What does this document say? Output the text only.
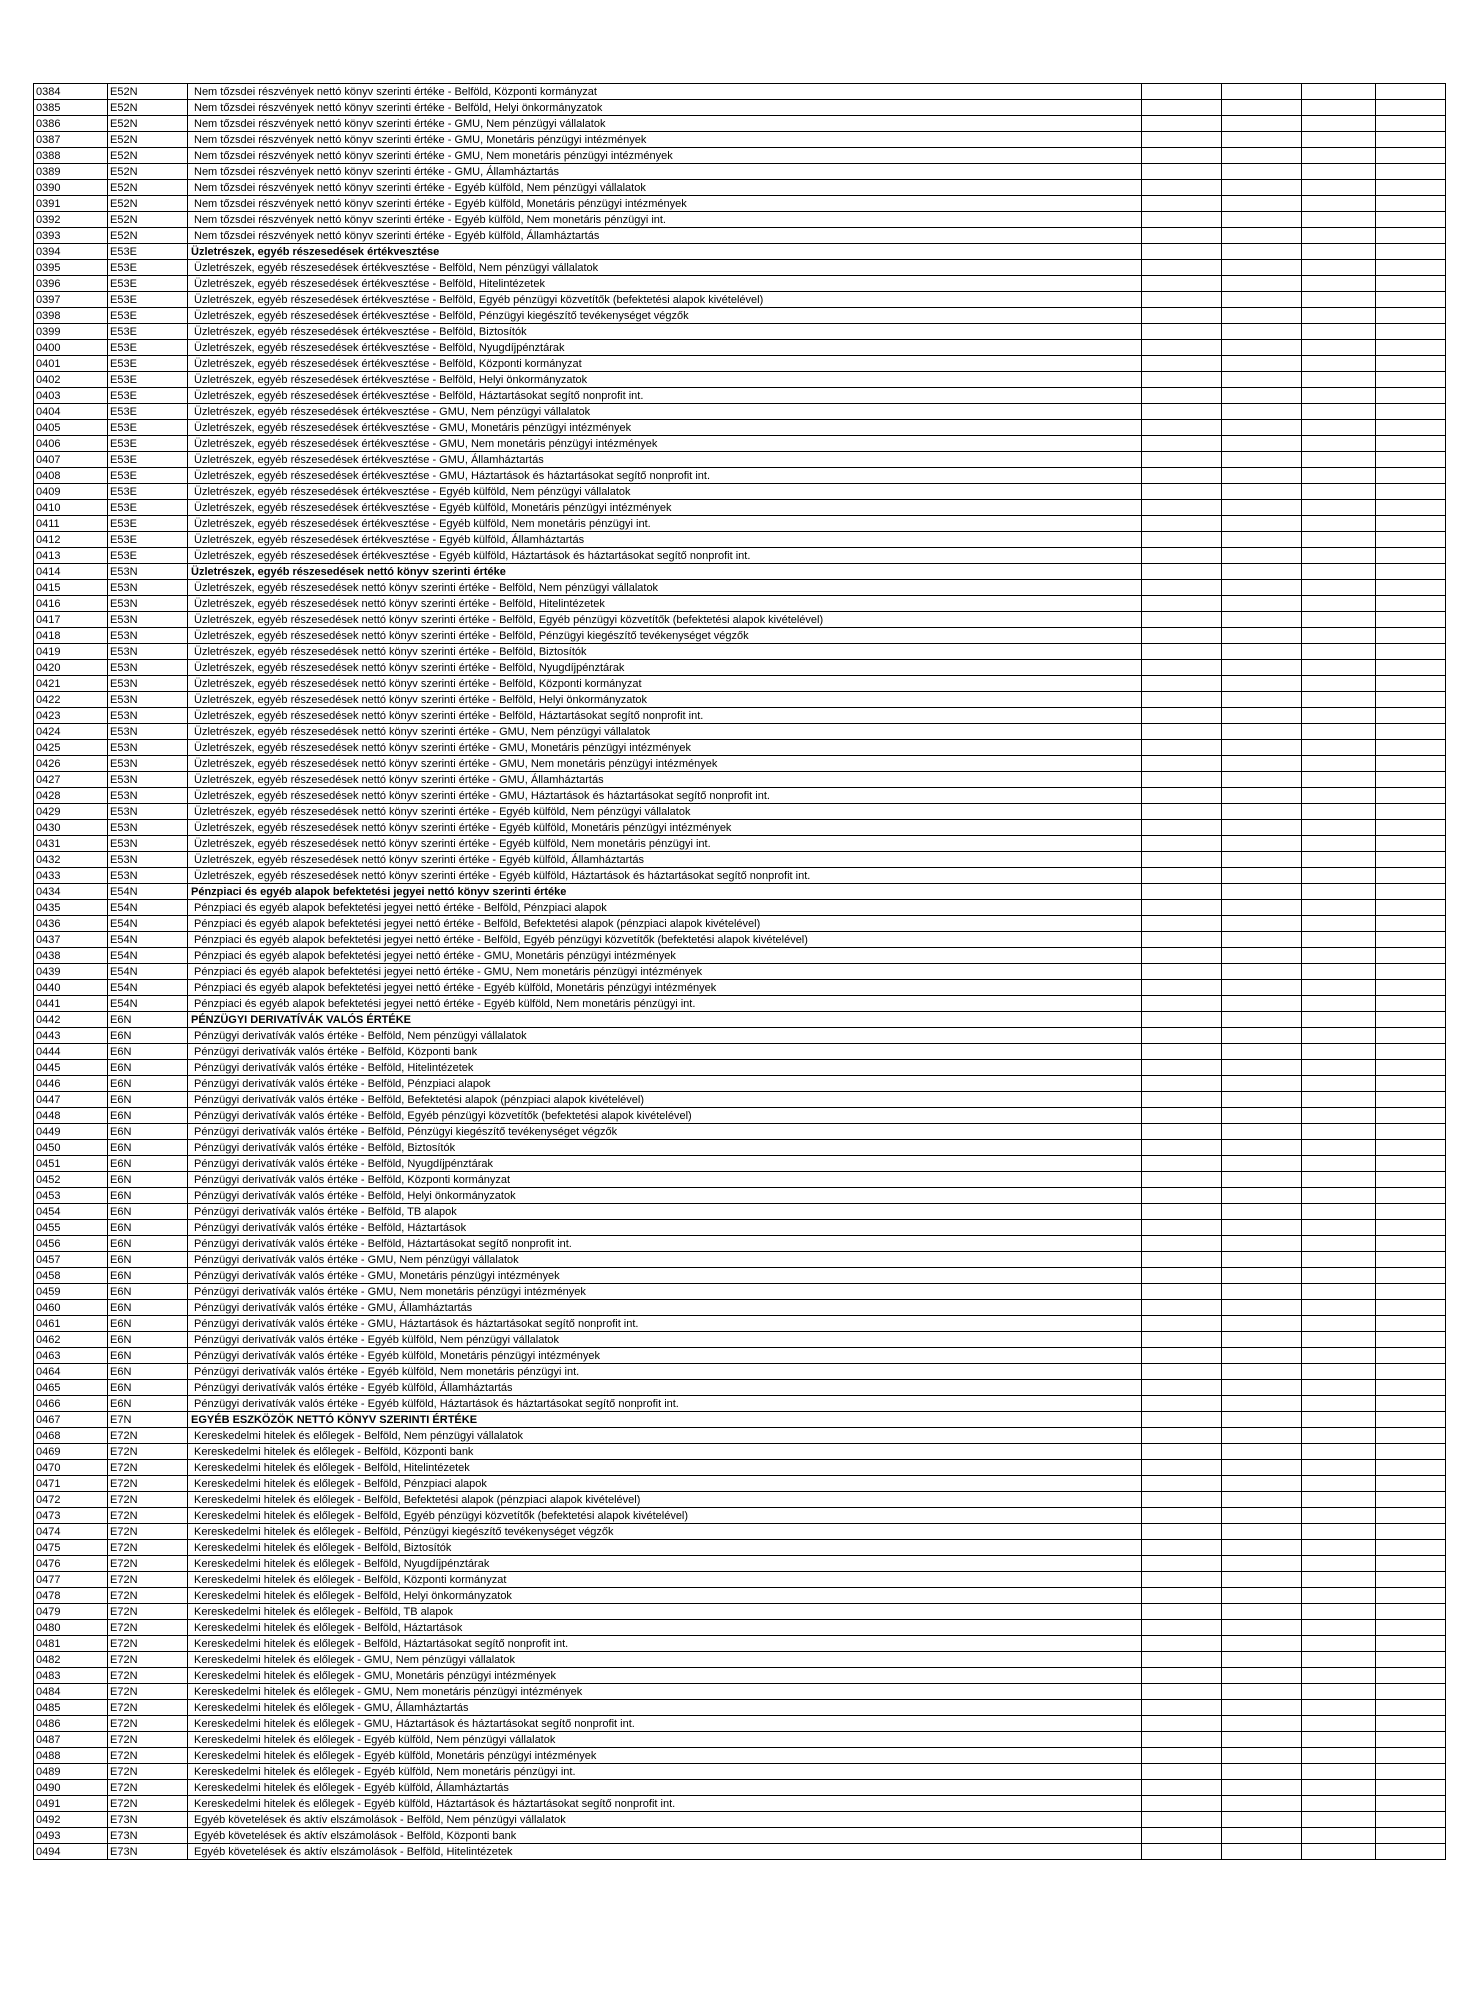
0384	E52N	Nem tőzsdei részvények nettó könyv szerinti értéke - Belföld, Központi kormányzat				
0385	E52N	Nem tőzsdei részvények nettó könyv szerinti értéke - Belföld, Helyi önkormányzatok				
0386	E52N	Nem tőzsdei részvények nettó könyv szerinti értéke - GMU, Nem pénzügyi vállalatok				
0387	E52N	Nem tőzsdei részvények nettó könyv szerinti értéke - GMU, Monetáris pénzügyi intézmények				
0388	E52N	Nem tőzsdei részvények nettó könyv szerinti értéke - GMU, Nem monetáris pénzügyi intézmények				
0389	E52N	Nem tőzsdei részvények nettó könyv szerinti értéke - GMU, Államháztartás				
0390	E52N	Nem tőzsdei részvények nettó könyv szerinti értéke - Egyéb külföld, Nem pénzügyi vállalatok				
0391	E52N	Nem tőzsdei részvények nettó könyv szerinti értéke - Egyéb külföld, Monetáris pénzügyi intézmények				
0392	E52N	Nem tőzsdei részvények nettó könyv szerinti értéke - Egyéb külföld, Nem monetáris pénzügyi int.				
0393	E52N	Nem tőzsdei részvények nettó könyv szerinti értéke - Egyéb külföld, Államháztartás				
0394	E53E	Üzletrészek, egyéb részesedések értékvesztése				
0395	E53E	Üzletrészek, egyéb részesedések értékvesztése - Belföld, Nem pénzügyi vállalatok				
0396	E53E	Üzletrészek, egyéb részesedések értékvesztése - Belföld, Hitelintézetek				
0397	E53E	Üzletrészek, egyéb részesedések értékvesztése - Belföld, Egyéb pénzügyi közvetítők (befektetési alapok kivételével)				
0398	E53E	Üzletrészek, egyéb részesedések értékvesztése - Belföld, Pénzügyi kiegészítő tevékenységet végzők				
0399	E53E	Üzletrészek, egyéb részesedések értékvesztése - Belföld, Biztosítók				
0400	E53E	Üzletrészek, egyéb részesedések értékvesztése - Belföld, Nyugdíjpénztárak				
0401	E53E	Üzletrészek, egyéb részesedések értékvesztése - Belföld, Központi kormányzat				
0402	E53E	Üzletrészek, egyéb részesedések értékvesztése - Belföld, Helyi önkormányzatok				
0403	E53E	Üzletrészek, egyéb részesedések értékvesztése - Belföld, Háztartásokat segítő nonprofit int.				
0404	E53E	Üzletrészek, egyéb részesedések értékvesztése - GMU, Nem pénzügyi vállalatok				
0405	E53E	Üzletrészek, egyéb részesedések értékvesztése - GMU, Monetáris pénzügyi intézmények				
0406	E53E	Üzletrészek, egyéb részesedések értékvesztése - GMU, Nem monetáris pénzügyi intézmények				
0407	E53E	Üzletrészek, egyéb részesedések értékvesztése - GMU, Államháztartás				
0408	E53E	Üzletrészek, egyéb részesedések értékvesztése - GMU, Háztartások és háztartásokat segítő nonprofit int.				
0409	E53E	Üzletrészek, egyéb részesedések értékvesztése - Egyéb külföld, Nem pénzügyi vállalatok				
0410	E53E	Üzletrészek, egyéb részesedések értékvesztése - Egyéb külföld, Monetáris pénzügyi intézmények				
0411	E53E	Üzletrészek, egyéb részesedések értékvesztése - Egyéb külföld, Nem monetáris pénzügyi int.				
0412	E53E	Üzletrészek, egyéb részesedések értékvesztése - Egyéb külföld, Államháztartás				
0413	E53E	Üzletrészek, egyéb részesedések értékvesztése - Egyéb külföld, Háztartások és háztartásokat segítő nonprofit int.				
0414	E53N	Üzletrészek, egyéb részesedések nettó könyv szerinti értéke				
0415	E53N	Üzletrészek, egyéb részesedések nettó könyv szerinti értéke - Belföld, Nem pénzügyi vállalatok				
0416	E53N	Üzletrészek, egyéb részesedések nettó könyv szerinti értéke - Belföld, Hitelintézetek				
0417	E53N	Üzletrészek, egyéb részesedések nettó könyv szerinti értéke - Belföld, Egyéb pénzügyi közvetítők (befektetési alapok kivételével)				
0418	E53N	Üzletrészek, egyéb részesedések nettó könyv szerinti értéke - Belföld, Pénzügyi kiegészítő tevékenységet végzők				
0419	E53N	Üzletrészek, egyéb részesedések nettó könyv szerinti értéke - Belföld, Biztosítók				
0420	E53N	Üzletrészek, egyéb részesedések nettó könyv szerinti értéke - Belföld, Nyugdíjpénztárak				
0421	E53N	Üzletrészek, egyéb részesedések nettó könyv szerinti értéke - Belföld, Központi kormányzat				
0422	E53N	Üzletrészek, egyéb részesedések nettó könyv szerinti értéke - Belföld, Helyi önkormányzatok				
0423	E53N	Üzletrészek, egyéb részesedések nettó könyv szerinti értéke - Belföld, Háztartásokat segítő nonprofit int.				
0424	E53N	Üzletrészek, egyéb részesedések nettó könyv szerinti értéke - GMU, Nem pénzügyi vállalatok				
0425	E53N	Üzletrészek, egyéb részesedések nettó könyv szerinti értéke - GMU, Monetáris pénzügyi intézmények				
0426	E53N	Üzletrészek, egyéb részesedések nettó könyv szerinti értéke - GMU, Nem monetáris pénzügyi intézmények				
0427	E53N	Üzletrészek, egyéb részesedések nettó könyv szerinti értéke - GMU, Államháztartás				
0428	E53N	Üzletrészek, egyéb részesedések nettó könyv szerinti értéke - GMU, Háztartások és háztartásokat segítő nonprofit int.				
0429	E53N	Üzletrészek, egyéb részesedések nettó könyv szerinti értéke - Egyéb külföld, Nem pénzügyi vállalatok				
0430	E53N	Üzletrészek, egyéb részesedések nettó könyv szerinti értéke - Egyéb külföld, Monetáris pénzügyi intézmények				
0431	E53N	Üzletrészek, egyéb részesedések nettó könyv szerinti értéke - Egyéb külföld, Nem monetáris pénzügyi int.				
0432	E53N	Üzletrészek, egyéb részesedések nettó könyv szerinti értéke - Egyéb külföld, Államháztartás				
0433	E53N	Üzletrészek, egyéb részesedések nettó könyv szerinti értéke - Egyéb külföld, Háztartások és háztartásokat segítő nonprofit int.				
0434	E54N	Pénzpiaci és egyéb alapok befektetési jegyei nettó könyv szerinti értéke				
0435	E54N	Pénzpiaci és egyéb alapok befektetési jegyei nettó értéke - Belföld, Pénzpiaci alapok				
0436	E54N	Pénzpiaci és egyéb alapok befektetési jegyei nettó értéke - Belföld, Befektetési alapok (pénzpiaci alapok kivételével)				
0437	E54N	Pénzpiaci és egyéb alapok befektetési jegyei nettó értéke - Belföld, Egyéb pénzügyi közvetítők (befektetési alapok kivételével)				
0438	E54N	Pénzpiaci és egyéb alapok befektetési jegyei nettó értéke - GMU, Monetáris pénzügyi intézmények				
0439	E54N	Pénzpiaci és egyéb alapok befektetési jegyei nettó értéke - GMU, Nem monetáris pénzügyi intézmények				
0440	E54N	Pénzpiaci és egyéb alapok befektetési jegyei nettó értéke - Egyéb külföld, Monetáris pénzügyi intézmények				
0441	E54N	Pénzpiaci és egyéb alapok befektetési jegyei nettó értéke - Egyéb külföld, Nem monetáris pénzügyi int.				
0442	E6N	PÉNZÜGYI DERIVATÍVÁK VALÓS ÉRTÉKE				
0443	E6N	Pénzügyi derivatívák valós értéke - Belföld, Nem pénzügyi vállalatok				
0444	E6N	Pénzügyi derivatívák valós értéke - Belföld, Központi bank				
0445	E6N	Pénzügyi derivatívák valós értéke - Belföld, Hitelintézetek				
0446	E6N	Pénzügyi derivatívák valós értéke - Belföld, Pénzpiaci alapok				
0447	E6N	Pénzügyi derivatívák valós értéke - Belföld, Befektetési alapok (pénzpiaci alapok kivételével)				
0448	E6N	Pénzügyi derivatívák valós értéke - Belföld, Egyéb pénzügyi közvetítők (befektetési alapok kivételével)				
0449	E6N	Pénzügyi derivatívák valós értéke - Belföld, Pénzügyi kiegészítő tevékenységet végzők				
0450	E6N	Pénzügyi derivatívák valós értéke - Belföld, Biztosítók				
0451	E6N	Pénzügyi derivatívák valós értéke - Belföld, Nyugdíjpénztárak				
0452	E6N	Pénzügyi derivatívák valós értéke - Belföld, Központi kormányzat				
0453	E6N	Pénzügyi derivatívák valós értéke - Belföld, Helyi önkormányzatok				
0454	E6N	Pénzügyi derivatívák valós értéke - Belföld, TB alapok				
0455	E6N	Pénzügyi derivatívák valós értéke - Belföld, Háztartások				
0456	E6N	Pénzügyi derivatívák valós értéke - Belföld, Háztartásokat segítő nonprofit int.				
0457	E6N	Pénzügyi derivatívák valós értéke - GMU, Nem pénzügyi vállalatok				
0458	E6N	Pénzügyi derivatívák valós értéke - GMU, Monetáris pénzügyi intézmények				
0459	E6N	Pénzügyi derivatívák valós értéke - GMU, Nem monetáris pénzügyi intézmények				
0460	E6N	Pénzügyi derivatívák valós értéke - GMU, Államháztartás				
0461	E6N	Pénzügyi derivatívák valós értéke - GMU, Háztartások és háztartásokat segítő nonprofit int.				
0462	E6N	Pénzügyi derivatívák valós értéke - Egyéb külföld, Nem pénzügyi vállalatok				
0463	E6N	Pénzügyi derivatívák valós értéke - Egyéb külföld, Monetáris pénzügyi intézmények				
0464	E6N	Pénzügyi derivatívák valós értéke - Egyéb külföld, Nem monetáris pénzügyi int.				
0465	E6N	Pénzügyi derivatívák valós értéke - Egyéb külföld, Államháztartás				
0466	E6N	Pénzügyi derivatívák valós értéke - Egyéb külföld, Háztartások és háztartásokat segítő nonprofit int.				
0467	E7N	EGYÉB ESZKÖZÖK NETTÓ KÖNYV SZERINTI ÉRTÉKE				
0468	E72N	Kereskedelmi hitelek és előlegek - Belföld, Nem pénzügyi vállalatok				
0469	E72N	Kereskedelmi hitelek és előlegek - Belföld, Központi bank				
0470	E72N	Kereskedelmi hitelek és előlegek - Belföld, Hitelintézetek				
0471	E72N	Kereskedelmi hitelek és előlegek - Belföld, Pénzpiaci alapok				
0472	E72N	Kereskedelmi hitelek és előlegek - Belföld, Befektetési alapok (pénzpiaci alapok kivételével)				
0473	E72N	Kereskedelmi hitelek és előlegek - Belföld, Egyéb pénzügyi közvetítők (befektetési alapok kivételével)				
0474	E72N	Kereskedelmi hitelek és előlegek - Belföld, Pénzügyi kiegészítő tevékenységet végzők				
0475	E72N	Kereskedelmi hitelek és előlegek - Belföld, Biztosítók				
0476	E72N	Kereskedelmi hitelek és előlegek - Belföld, Nyugdíjpénztárak				
0477	E72N	Kereskedelmi hitelek és előlegek - Belföld, Központi kormányzat				
0478	E72N	Kereskedelmi hitelek és előlegek - Belföld, Helyi önkormányzatok				
0479	E72N	Kereskedelmi hitelek és előlegek - Belföld, TB alapok				
0480	E72N	Kereskedelmi hitelek és előlegek - Belföld, Háztartások				
0481	E72N	Kereskedelmi hitelek és előlegek - Belföld, Háztartásokat segítő nonprofit int.				
0482	E72N	Kereskedelmi hitelek és előlegek - GMU, Nem pénzügyi vállalatok				
0483	E72N	Kereskedelmi hitelek és előlegek - GMU, Monetáris pénzügyi intézmények				
0484	E72N	Kereskedelmi hitelek és előlegek - GMU, Nem monetáris pénzügyi intézmények				
0485	E72N	Kereskedelmi hitelek és előlegek - GMU, Államháztartás				
0486	E72N	Kereskedelmi hitelek és előlegek - GMU, Háztartások és háztartásokat segítő nonprofit int.				
0487	E72N	Kereskedelmi hitelek és előlegek - Egyéb külföld, Nem pénzügyi vállalatok				
0488	E72N	Kereskedelmi hitelek és előlegek - Egyéb külföld, Monetáris pénzügyi intézmények				
0489	E72N	Kereskedelmi hitelek és előlegek - Egyéb külföld, Nem monetáris pénzügyi int.				
0490	E72N	Kereskedelmi hitelek és előlegek - Egyéb külföld, Államháztartás				
0491	E72N	Kereskedelmi hitelek és előlegek - Egyéb külföld, Háztartások és háztartásokat segítő nonprofit int.				
0492	E73N	Egyéb követelések és aktív elszámolások - Belföld, Nem pénzügyi vállalatok				
0493	E73N	Egyéb követelések és aktív elszámolások - Belföld, Központi bank				
0494	E73N	Egyéb követelések és aktív elszámolások - Belföld, Hitelintézetek				
